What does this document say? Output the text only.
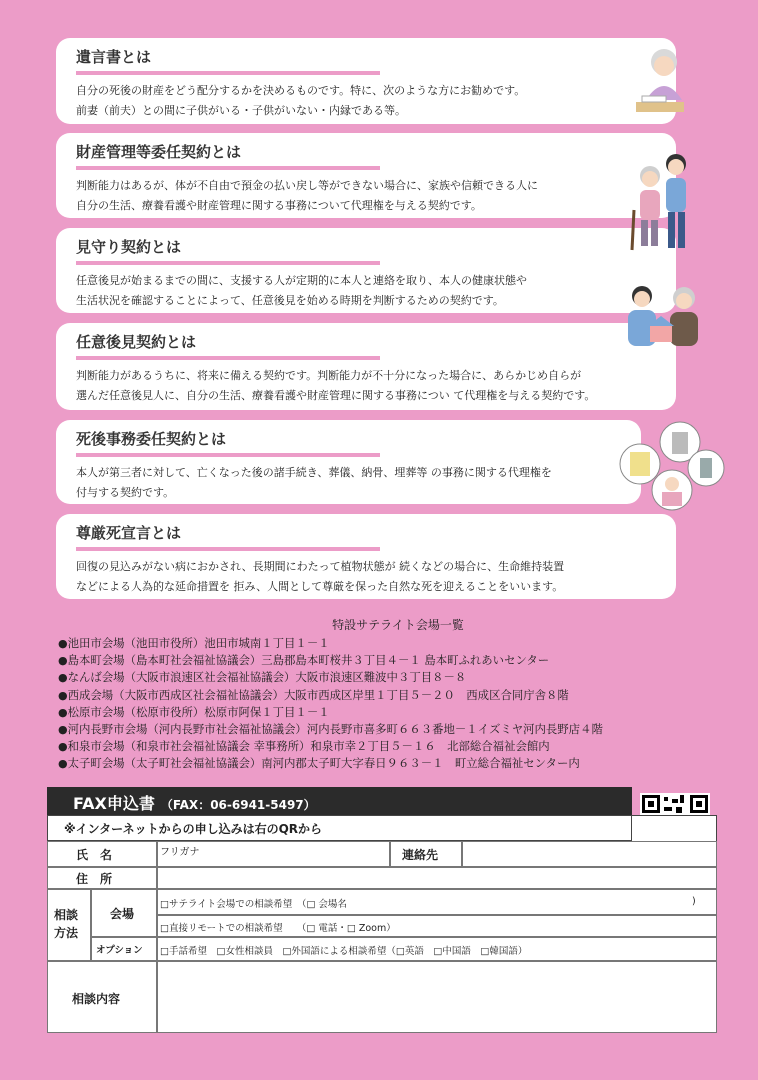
遺言書とは
自分の死後の財産をどう配分するかを決めるものです。特に、次のような方にお勧めです。
前妻（前夫）との間に子供がいる・子供がいない・内縁である等。
財産管理等委任契約とは
判断能力はあるが、体が不自由で預金の払い戻し等ができない場合に、家族や信頼できる人に
自分の生活、療養看護や財産管理に関する事務について代理権を与える契約です。
見守り契約とは
任意後見が始まるまでの間に、支援する人が定期的に本人と連絡を取り、本人の健康状態や
生活状況を確認することによって、任意後見を始める時期を判断するための契約です。
任意後見契約とは
判断能力があるうちに、将来に備える契約です。判断能力が不十分になった場合に、あらかじめ自らが
選んだ任意後見人に、自分の生活、療養看護や財産管理に関する事務につい て代理権を与える契約です。
死後事務委任契約とは
本人が第三者に対して、亡くなった後の諸手続き、葬儀、納骨、埋葬等 の事務に関する代理権を
付与する契約です。
尊厳死宣言とは
回復の見込みがない病におかされ、長期間にわたって植物状態が 続くなどの場合に、生命維持装置
などによる人為的な延命措置を 拒み、人間として尊厳を保った自然な死を迎えることをいいます。
特設サテライト会場一覧
●池田市会場（池田市役所）池田市城南１丁目１－１
●島本町会場（島本町社会福祉協議会）三島郡島本町桜井３丁目４－１ 島本町ふれあいセンター
●なんば会場（大阪市浪速区社会福祉協議会）大阪市浪速区難波中３丁目８－８
●西成会場（大阪市西成区社会福祉協議会）大阪市西成区岸里１丁目５－２０　西成区合同庁舎８階
●松原市会場（松原市役所）松原市阿保１丁目１－１
●河内長野市会場（河内長野市社会福祉協議会）河内長野市喜多町６６３番地－１イズミヤ河内長野店４階
●和泉市会場（和泉市社会福祉協議会 幸事務所）和泉市幸２丁目５－１６　北部総合福祉会館内
●太子町会場（太子町社会福祉協議会）南河内郡太子町大字春日９６３－１　町立総合福祉センター内
FAX申込書 （FAX：06-6941-5497）
※インターネットからの申し込みは右のQRから
氏　名	フリガナ	連絡先
住　所
相談
方法
会場
□サテライト会場での相談希望　（□ 会場名	)
□直接リモートでの相談希望　　（□ 電話・□ Zoom）
オプション □手話希望　□女性相談員　□外国語による相談希望（□英語　□中国語　□韓国語）
相談内容
